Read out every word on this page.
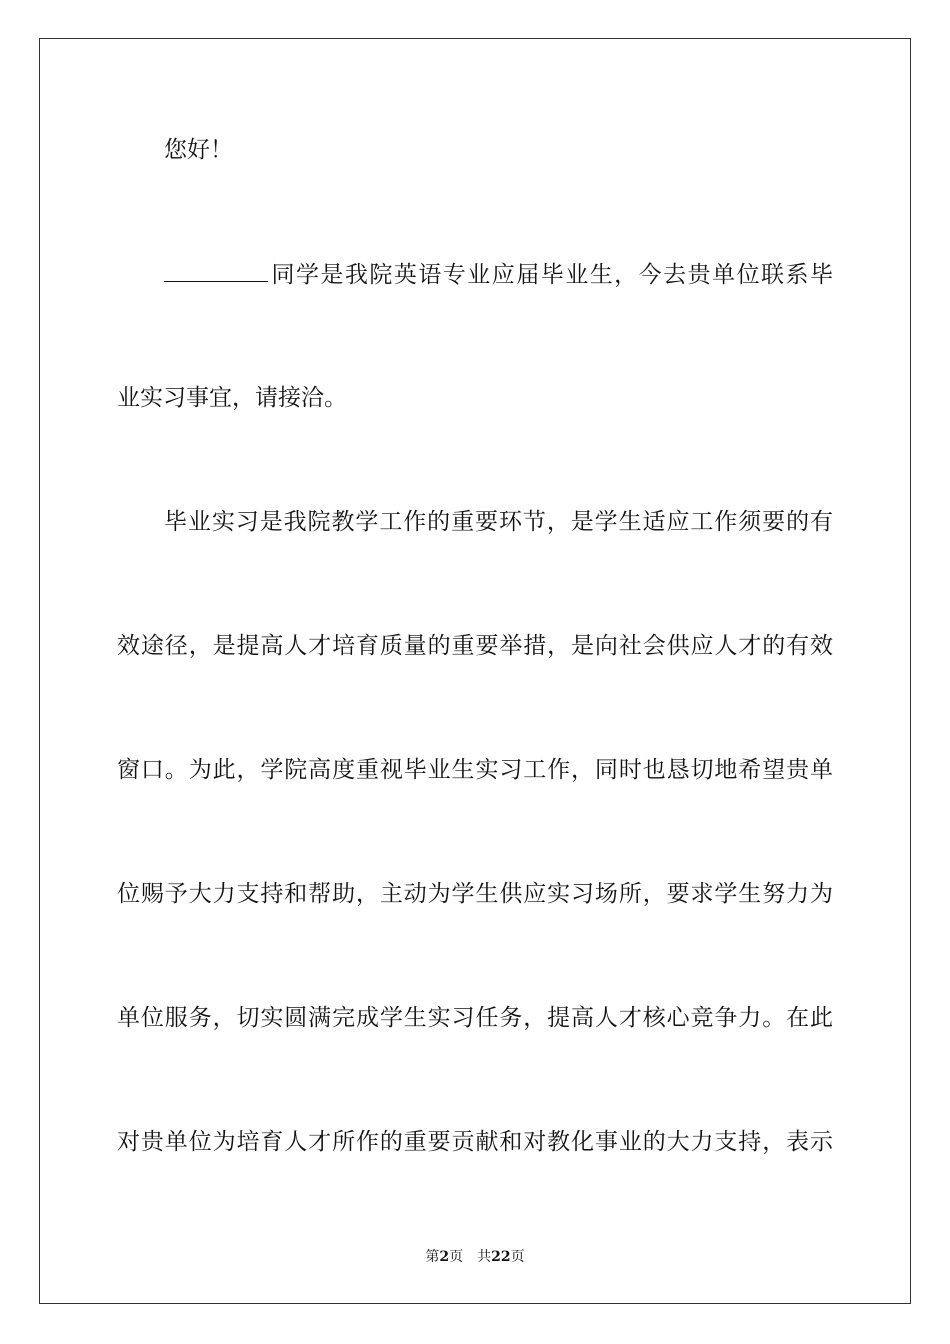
您好！
同学是我院英语专业应届毕业生，今去贵单位联系毕
业实习事宜，请接洽。
毕业实习是我院教学工作的重要环节，是学生适应工作须要的有
效途径，是提高人才培育质量的重要举措，是向社会供应人才的有效
窗口。为此，学院高度重视毕业生实习工作，同时也恳切地希望贵单
位赐予大力支持和帮助，主动为学生供应实习场所，要求学生努力为
单位服务，切实圆满完成学生实习任务，提高人才核心竞争力。在此
对贵单位为培育人才所作的重要贡献和对教化事业的大力支持，表示
第2页 共22页
